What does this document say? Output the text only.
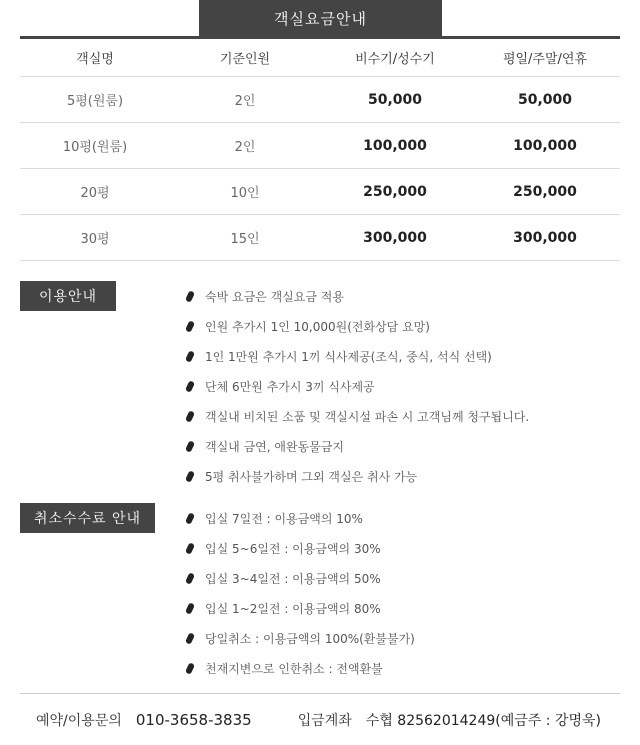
객실요금안내
객실명	기준인원	비수기/성수기	평일/주말/연휴
5평(원룸)	2인	50,000	50,000
10평(원룸)	2인	100,000	100,000
20평	10인	250,000	250,000
30평	15인	300,000	300,000
이용안내	숙박 요금은 객실요금 적용
인원 추가시 1인 10,000원(전화상담 요망)
1인 1만원 추가시 1끼 식사제공(조식, 중식, 석식 선택)
단체 6만원 추가시 3끼 식사제공
객실내 비치된 소품 및 객실시설 파손 시 고객님께 청구됩니다.
객실내 금연, 애완동물금지
5평 취사불가하며 그외 객실은 취사 가능
취소수수료 안내	입실 7일전 : 이용금액의 10%
입실 5~6일전 : 이용금액의 30%
입실 3~4일전 : 이용금액의 50%
입실 1~2일전 : 이용금액의 80%
당일취소 : 이용금액의 100%(환불불가)
천재지변으로 인한취소 : 전액환불
예약/이용문의 010-3658-3835	입금계좌 수협 82562014249(예금주 : 강명욱)
